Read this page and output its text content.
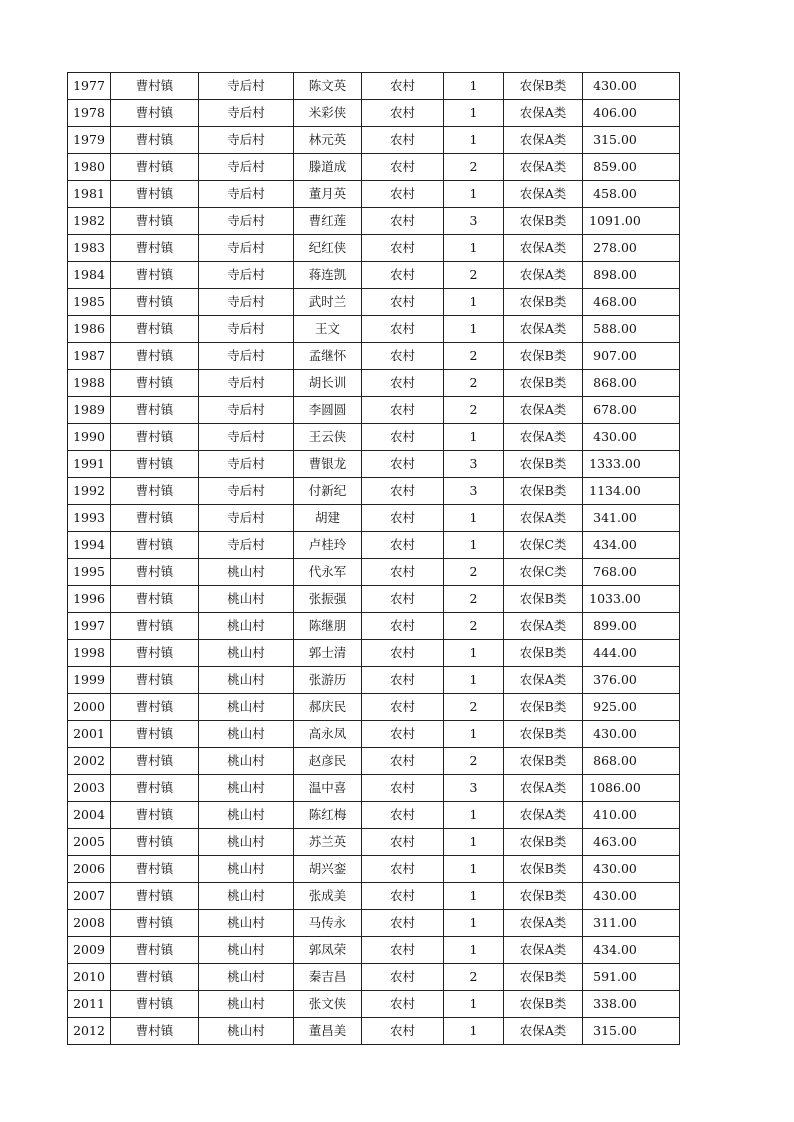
1977	曹村镇	寺后村	陈文英	农村	1	农保B类	430.00
1978	曹村镇	寺后村	米彩侠	农村	1	农保A类	406.00
1979	曹村镇	寺后村	林元英	农村	1	农保A类	315.00
1980	曹村镇	寺后村	滕道成	农村	2	农保A类	859.00
1981	曹村镇	寺后村	董月英	农村	1	农保A类	458.00
1982	曹村镇	寺后村	曹红莲	农村	3	农保B类	1091.00
1983	曹村镇	寺后村	纪红侠	农村	1	农保A类	278.00
1984	曹村镇	寺后村	蒋连凯	农村	2	农保A类	898.00
1985	曹村镇	寺后村	武时兰	农村	1	农保B类	468.00
1986	曹村镇	寺后村	王文	农村	1	农保A类	588.00
1987	曹村镇	寺后村	孟继怀	农村	2	农保B类	907.00
1988	曹村镇	寺后村	胡长训	农村	2	农保B类	868.00
1989	曹村镇	寺后村	李圆圆	农村	2	农保A类	678.00
1990	曹村镇	寺后村	王云侠	农村	1	农保A类	430.00
1991	曹村镇	寺后村	曹银龙	农村	3	农保B类	1333.00
1992	曹村镇	寺后村	付新纪	农村	3	农保B类	1134.00
1993	曹村镇	寺后村	胡建	农村	1	农保A类	341.00
1994	曹村镇	寺后村	卢桂玲	农村	1	农保C类	434.00
1995	曹村镇	桃山村	代永军	农村	2	农保C类	768.00
1996	曹村镇	桃山村	张振强	农村	2	农保B类	1033.00
1997	曹村镇	桃山村	陈继朋	农村	2	农保A类	899.00
1998	曹村镇	桃山村	郭士清	农村	1	农保B类	444.00
1999	曹村镇	桃山村	张游历	农村	1	农保A类	376.00
2000	曹村镇	桃山村	郝庆民	农村	2	农保B类	925.00
2001	曹村镇	桃山村	高永凤	农村	1	农保B类	430.00
2002	曹村镇	桃山村	赵彦民	农村	2	农保B类	868.00
2003	曹村镇	桃山村	温中喜	农村	3	农保A类	1086.00
2004	曹村镇	桃山村	陈红梅	农村	1	农保A类	410.00
2005	曹村镇	桃山村	苏兰英	农村	1	农保B类	463.00
2006	曹村镇	桃山村	胡兴銮	农村	1	农保B类	430.00
2007	曹村镇	桃山村	张成美	农村	1	农保B类	430.00
2008	曹村镇	桃山村	马传永	农村	1	农保A类	311.00
2009	曹村镇	桃山村	郭凤荣	农村	1	农保A类	434.00
2010	曹村镇	桃山村	秦吉昌	农村	2	农保B类	591.00
2011	曹村镇	桃山村	张文侠	农村	1	农保B类	338.00
2012	曹村镇	桃山村	董昌美	农村	1	农保A类	315.00
